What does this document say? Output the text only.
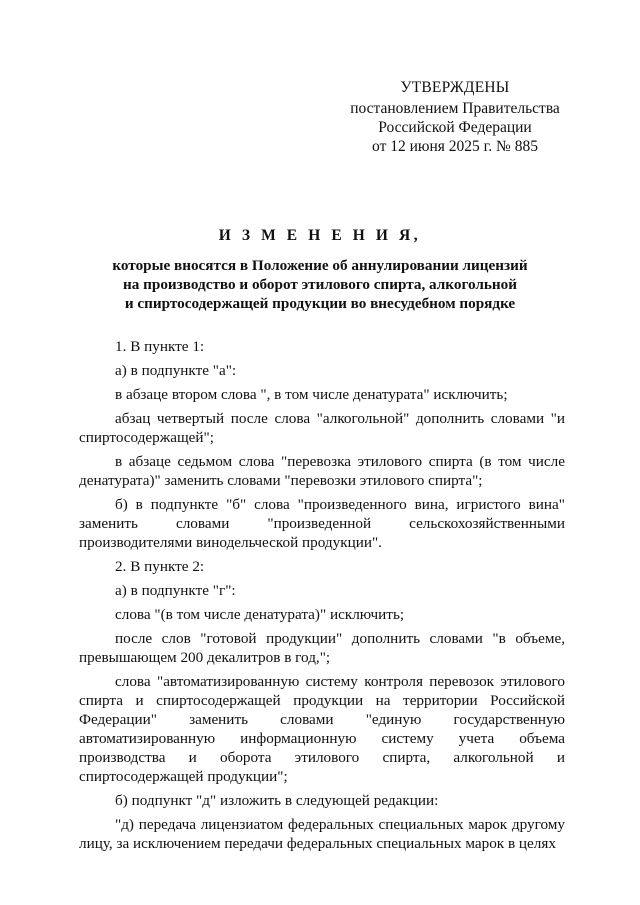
УТВЕРЖДЕНЫ
постановлением Правительства
Российской Федерации
от 12 июня 2025 г. № 885
И З М Е Н Е Н И Я,
которые вносятся в Положение об аннулировании лицензий
на производство и оборот этилового спирта, алкогольной
и спиртосодержащей продукции во внесудебном порядке

1. В пункте 1:

а) в подпункте "а":

в абзаце втором слова ", в том числе денатурата" исключить;

абзац четвертый после слова "алкогольной" дополнить словами "и спиртосодержащей";

в абзаце седьмом слова "перевозка этилового спирта (в том числе денатурата)" заменить словами "перевозки этилового спирта";

б) в подпункте "б" слова "произведенного вина, игристого вина" заменить словами "произведенной сельскохозяйственными производителями винодельческой продукции".

2. В пункте 2:

а) в подпункте "г":

слова "(в том числе денатурата)" исключить;

после слов "готовой продукции" дополнить словами "в объеме, превышающем 200 декалитров в год,";

слова "автоматизированную систему контроля перевозок этилового спирта и спиртосодержащей продукции на территории Российской Федерации" заменить словами "единую государственную автоматизированную информационную систему учета объема производства и оборота этилового спирта, алкогольной и спиртосодержащей продукции";

б) подпункт "д" изложить в следующей редакции:

"д) передача лицензиатом федеральных специальных марок другому лицу, за исключением передачи федеральных специальных марок в целях
